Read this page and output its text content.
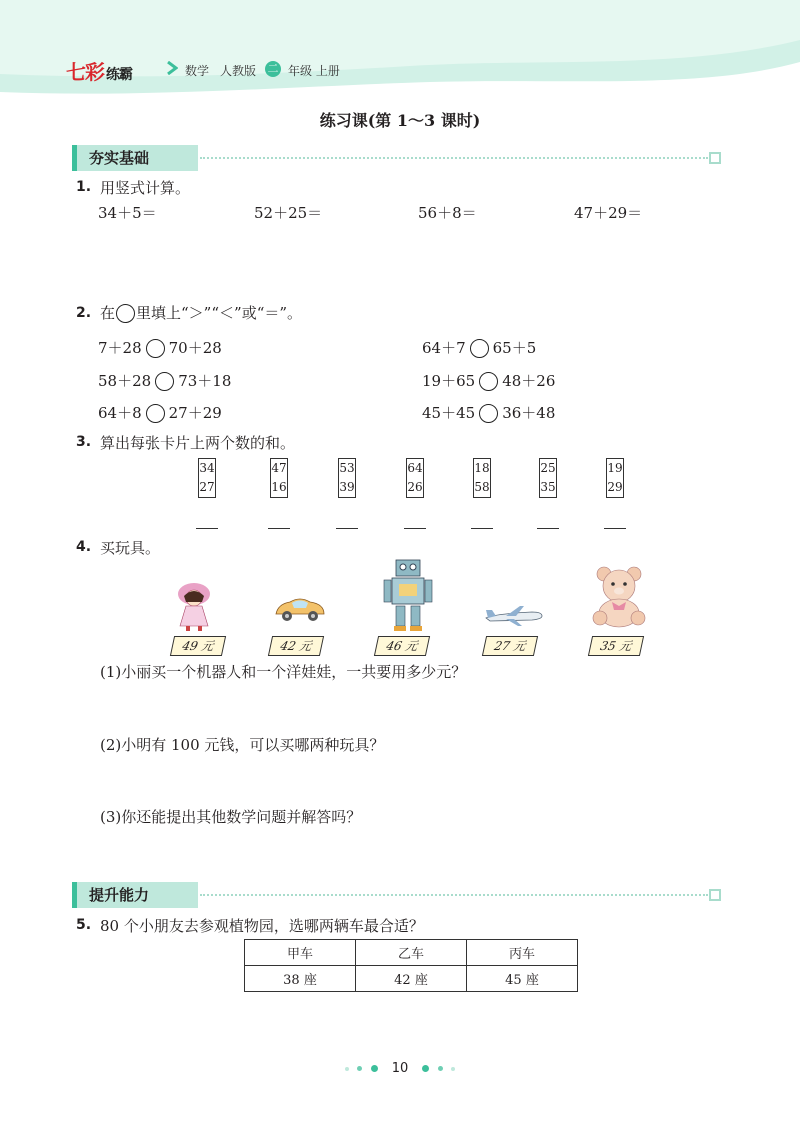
七彩 练霸	数学 人教版 二 年级 上册
练习课(第 1～3 课时)
夯实基础
1. 用竖式计算。
34＋5＝	52＋25＝	56＋8＝	47＋29＝
2. 在 里填上“＞”“＜”或“＝”。
7＋28 70＋28	64＋7 65＋5
58＋28 73＋18	19＋65 48＋26
64＋8 27＋29	45＋45 36＋48
3. 算出每张卡片上两个数的和。
34
27
47
16
53
39
64
26
18
58
25
35
19
29
4. 买玩具。
49 元	42 元	46 元	27 元	35 元
(1)小丽买一个机器人和一个洋娃娃，一共要用多少元？
(2)小明有 100 元钱，可以买哪两种玩具？
(3)你还能提出其他数学问题并解答吗？
提升能力
5. 80 个小朋友去参观植物园，选哪两辆车最合适？
甲车	乙车	丙车
38 座	42 座	45 座
10
